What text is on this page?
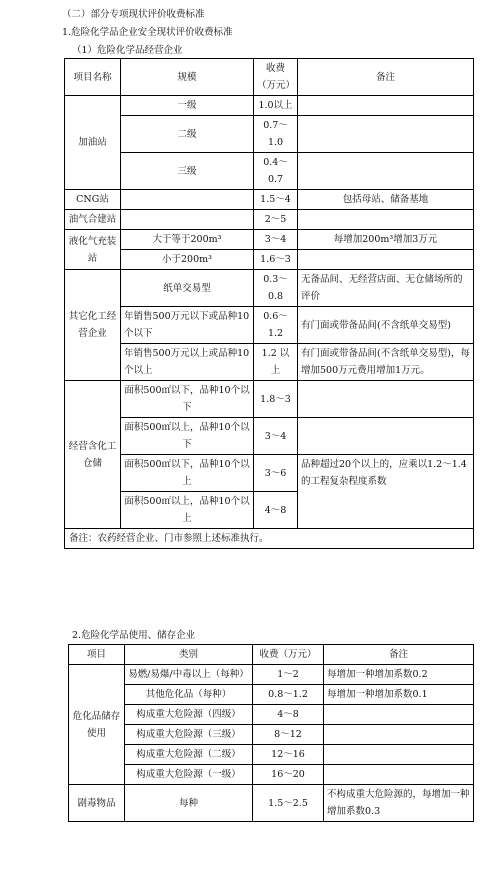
（二）部分专项现状评价收费标准
1.危险化学品企业安全现状评价收费标准
（1）危险化学品经营企业
项目名称	规模	收费（万元）	备注
加油站	一级	1.0以上	
	二级	0.7～1.0	
	三级	0.4～0.7	
CNG站		1.5～4	包括母站、储备基地
油气合建站		2～5	
液化气充装站	大于等于200m³	3～4	每增加200m³增加3万元
	小于200m³	1.6～3	
其它化工经营企业	纸单交易型	0.3～0.8	无备品间、无经营店面、无仓储场所的评价
	年销售500万元以下或品种10个以下	0.6～1.2	有门面或带备品间(不含纸单交易型)
	年销售500万元以上或品种10个以上	1.2 以上	有门面或带备品间(不含纸单交易型)，每增加500万元费用增加1万元。
经营含化工仓储	面积500㎡以下，品种10个以下	1.8～3	
	面积500㎡以上，品种10个以下	3～4	
	面积500㎡以下，品种10个以上	3～6	品种超过20个以上的，应乘以1.2～1.4的工程复杂程度系数
	面积500㎡以上，品种10个以上	4～8	
备注：农药经营企业、门市参照上述标准执行。			
2.危险化学品使用、储存企业
项目	类别	收费（万元）	备注
危化品储存使用	易燃/易爆/中毒以上（每种）	1～2	每增加一种增加系数0.2
	其他危化品（每种）	0.8～1.2	每增加一种增加系数0.1
	构成重大危险源（四级）	4～8	
	构成重大危险源（三级）	8～12	
	构成重大危险源（二级）	12～16	
	构成重大危险源（一级）	16～20	
剧毒物品	每种	1.5～2.5	不构成重大危险源的，每增加一种增加系数0.3
